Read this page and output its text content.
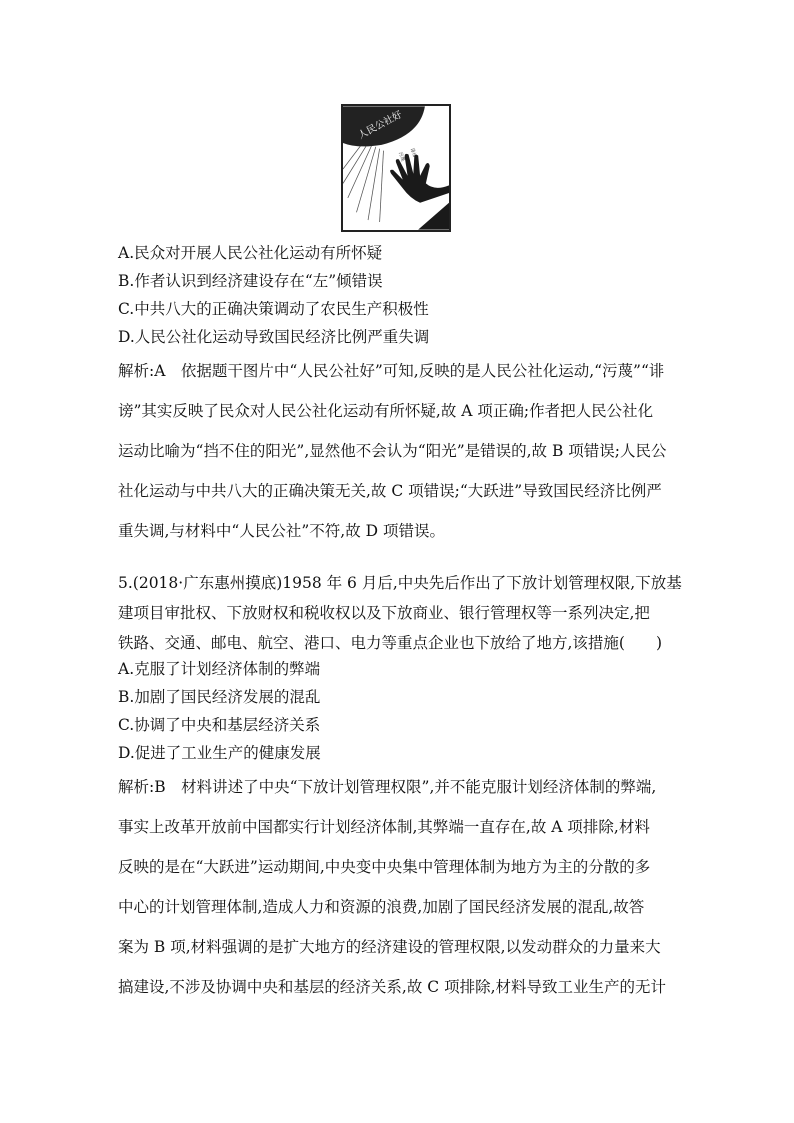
人民公社好
污蔑 诽谤
A.民众对开展人民公社化运动有所怀疑
B.作者认识到经济建设存在“左”倾错误
C.中共八大的正确决策调动了农民生产积极性
D.人民公社化运动导致国民经济比例严重失调
解析:A　依据题干图片中“人民公社好”可知,反映的是人民公社化运动,“污蔑”“诽
谤”其实反映了民众对人民公社化运动有所怀疑,故 A 项正确;作者把人民公社化
运动比喻为“挡不住的阳光”,显然他不会认为“阳光”是错误的,故 B 项错误;人民公
社化运动与中共八大的正确决策无关,故 C 项错误;“大跃进”导致国民经济比例严
重失调,与材料中“人民公社”不符,故 D 项错误。
5.(2018·广东惠州摸底)1958 年 6 月后,中央先后作出了下放计划管理权限,下放基
建项目审批权、下放财权和税收权以及下放商业、银行管理权等一系列决定,把
铁路、交通、邮电、航空、港口、电力等重点企业也下放给了地方,该措施(　　)
A.克服了计划经济体制的弊端
B.加剧了国民经济发展的混乱
C.协调了中央和基层经济关系
D.促进了工业生产的健康发展
解析:B　材料讲述了中央“下放计划管理权限”,并不能克服计划经济体制的弊端,
事实上改革开放前中国都实行计划经济体制,其弊端一直存在,故 A 项排除,材料
反映的是在“大跃进”运动期间,中央变中央集中管理体制为地方为主的分散的多
中心的计划管理体制,造成人力和资源的浪费,加剧了国民经济发展的混乱,故答
案为 B 项,材料强调的是扩大地方的经济建设的管理权限,以发动群众的力量来大
搞建设,不涉及协调中央和基层的经济关系,故 C 项排除,材料导致工业生产的无计
